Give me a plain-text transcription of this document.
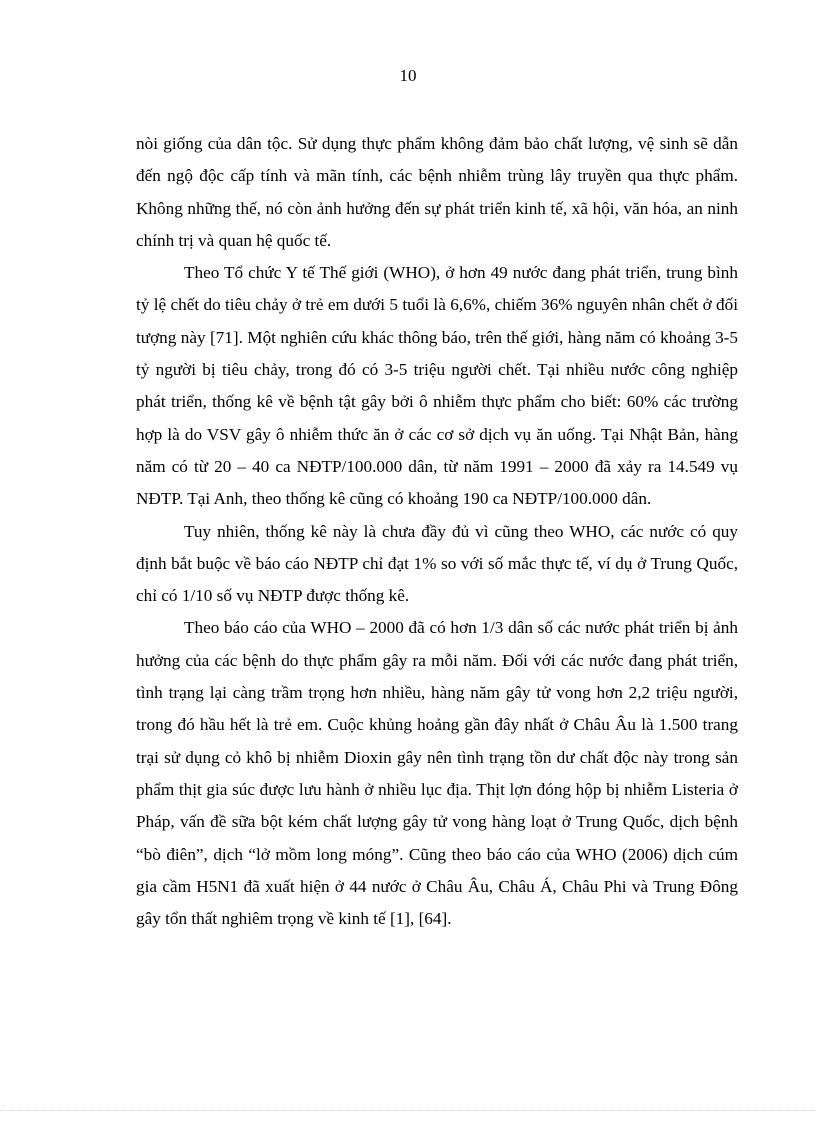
10

nòi giống của dân tộc. Sử dụng thực phẩm không đảm bảo chất lượng, vệ sinh sẽ dẫn đến ngộ độc cấp tính và mãn tính, các bệnh nhiễm trùng lây truyền qua thực phẩm. Không những thế, nó còn ảnh hưởng đến sự phát triển kinh tế, xã hội, văn hóa, an ninh chính trị và quan hệ quốc tế.

Theo Tổ chức Y tế Thế giới (WHO), ở hơn 49 nước đang phát triển, trung bình tỷ lệ chết do tiêu chảy ở trẻ em dưới 5 tuổi là 6,6%, chiếm 36% nguyên nhân chết ở đối tượng này [71]. Một nghiên cứu khác thông báo, trên thế giới, hàng năm có khoảng 3-5 tỷ người bị tiêu chảy, trong đó có 3-5 triệu người chết. Tại nhiều nước công nghiệp phát triển, thống kê về bệnh tật gây bởi ô nhiễm thực phẩm cho biết: 60% các trường hợp là do VSV gây ô nhiễm thức ăn ở các cơ sở dịch vụ ăn uống. Tại Nhật Bản, hàng năm có từ 20 – 40 ca NĐTP/100.000 dân, từ năm 1991 – 2000 đã xảy ra 14.549 vụ NĐTP. Tại Anh, theo thống kê cũng có khoảng 190 ca NĐTP/100.000 dân.

Tuy nhiên, thống kê này là chưa đầy đủ vì cũng theo WHO, các nước có quy định bắt buộc về báo cáo NĐTP chỉ đạt 1% so với số mắc thực tế, ví dụ ở Trung Quốc, chỉ có 1/10 số vụ NĐTP được thống kê.

Theo báo cáo của WHO – 2000 đã có hơn 1/3 dân số các nước phát triển bị ảnh hưởng của các bệnh do thực phẩm gây ra mỗi năm. Đối với các nước đang phát triển, tình trạng lại càng trầm trọng hơn nhiều, hàng năm gây tử vong hơn 2,2 triệu người, trong đó hầu hết là trẻ em. Cuộc khủng hoảng gần đây nhất ở Châu Âu là 1.500 trang trại sử dụng cỏ khô bị nhiễm Dioxin gây nên tình trạng tồn dư chất độc này trong sản phẩm thịt gia súc được lưu hành ở nhiều lục địa. Thịt lợn đóng hộp bị nhiễm Listeria ở Pháp, vấn đề sữa bột kém chất lượng gây tử vong hàng loạt ở Trung Quốc, dịch bệnh “bò điên”, dịch “lở mồm long móng”. Cũng theo báo cáo của WHO (2006) dịch cúm gia cầm H5N1 đã xuất hiện ở 44 nước ở Châu Âu, Châu Á, Châu Phi và Trung Đông gây tổn thất nghiêm trọng về kinh tế [1], [64].
